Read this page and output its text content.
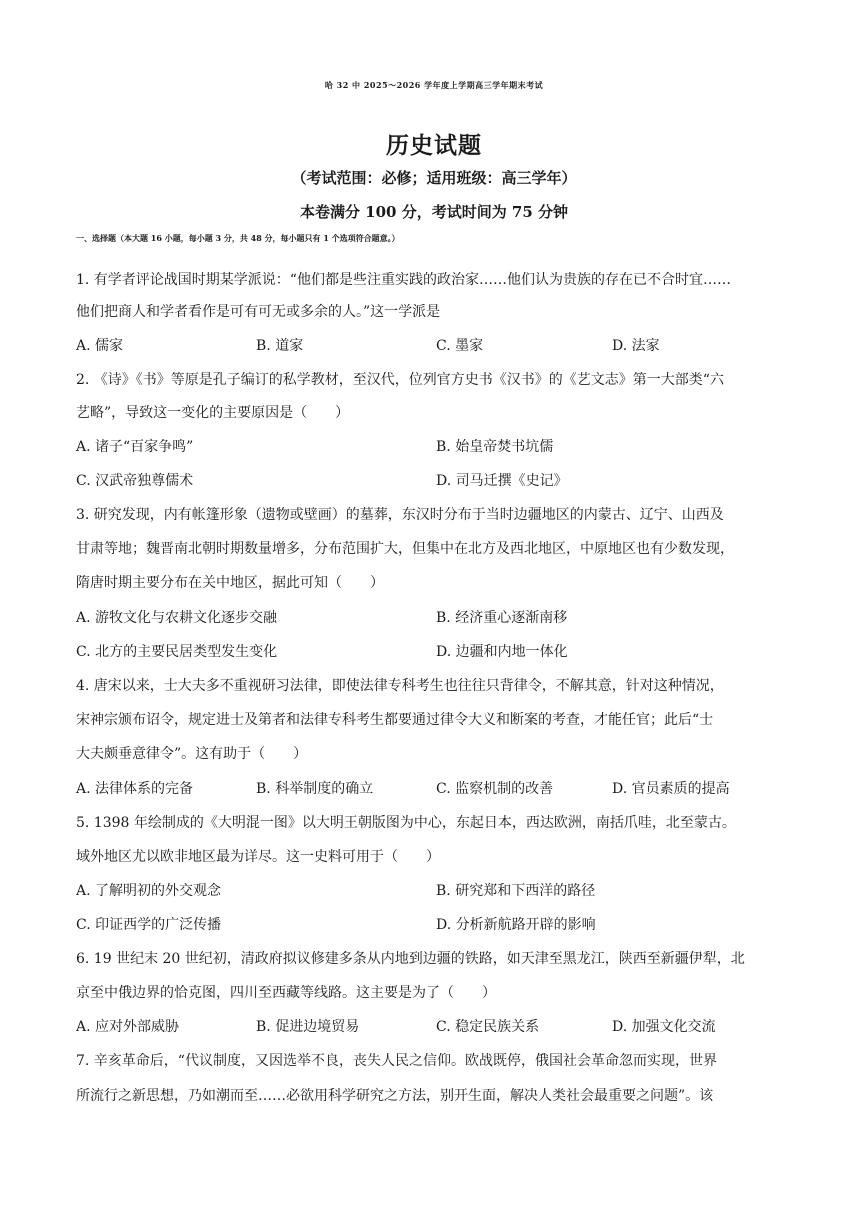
哈 32 中 2025～2026 学年度上学期高三学年期末考试
历史试题
（考试范围：必修；适用班级：高三学年）
本卷满分 100 分，考试时间为 75 分钟
一、选择题（本大题 16 小题，每小题 3 分，共 48 分，每小题只有 1 个选项符合题意。）
1. 有学者评论战国时期某学派说：“他们都是些注重实践的政治家……他们认为贵族的存在已不合时宜……
他们把商人和学者看作是可有可无或多余的人。”这一学派是
A. 儒家	B. 道家	C. 墨家	D. 法家
2. 《诗》《书》等原是孔子编订的私学教材，至汉代，位列官方史书《汉书》的《艺文志》第一大部类“六
艺略”，导致这一变化的主要原因是（　　）
A. 诸子“百家争鸣”	B. 始皇帝焚书坑儒
C. 汉武帝独尊儒术	D. 司马迁撰《史记》
3. 研究发现，内有帐篷形象（遗物或壁画）的墓葬，东汉时分布于当时边疆地区的内蒙古、辽宁、山西及
甘肃等地；魏晋南北朝时期数量增多，分布范围扩大，但集中在北方及西北地区，中原地区也有少数发现，
隋唐时期主要分布在关中地区，据此可知（　　）
A. 游牧文化与农耕文化逐步交融	B. 经济重心逐渐南移
C. 北方的主要民居类型发生变化	D. 边疆和内地一体化
4. 唐宋以来，士大夫多不重视研习法律，即使法律专科考生也往往只背律令，不解其意，针对这种情况，
宋神宗颁布诏令，规定进士及第者和法律专科考生都要通过律令大义和断案的考查，才能任官；此后“士
大夫颇垂意律令”。这有助于（　　）
A. 法律体系的完备	B. 科举制度的确立	C. 监察机制的改善	D. 官员素质的提高
5. 1398 年绘制成的《大明混一图》以大明王朝版图为中心，东起日本，西达欧洲，南括爪哇，北至蒙古。
域外地区尤以欧非地区最为详尽。这一史料可用于（　　）
A. 了解明初的外交观念	B. 研究郑和下西洋的路径
C. 印证西学的广泛传播	D. 分析新航路开辟的影响
6. 19 世纪末 20 世纪初，清政府拟议修建多条从内地到边疆的铁路，如天津至黑龙江，陕西至新疆伊犁，北
京至中俄边界的恰克图，四川至西藏等线路。这主要是为了（　　）
A. 应对外部威胁	B. 促进边境贸易	C. 稳定民族关系	D. 加强文化交流
7. 辛亥革命后，“代议制度，又因选举不良，丧失人民之信仰。欧战既停，俄国社会革命忽而实现，世界
所流行之新思想，乃如潮而至……必欲用科学研究之方法，别开生面，解决人类社会最重要之问题”。该
